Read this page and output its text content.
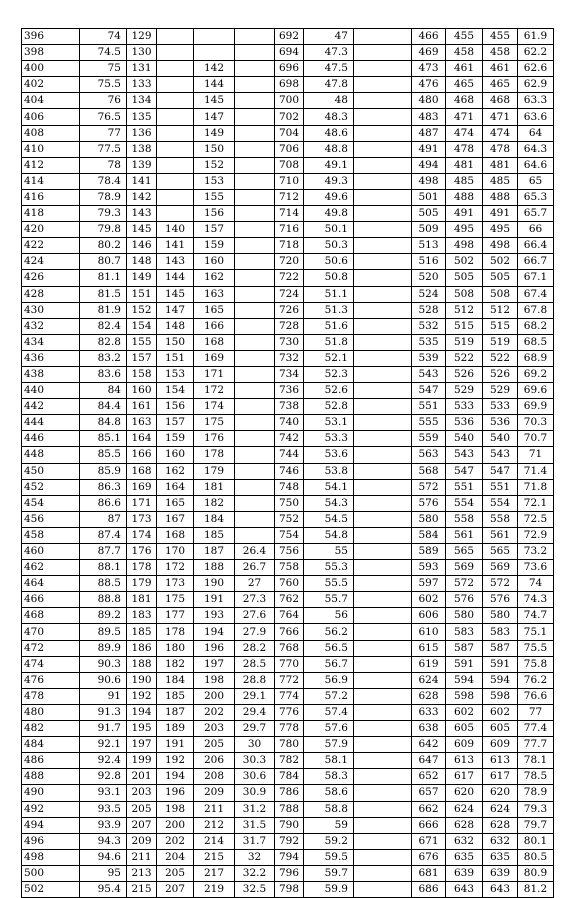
396	74	129				692	47		466	455	455	61.9
398	74.5	130				694	47.3		469	458	458	62.2
400	75	131		142		696	47.5		473	461	461	62.6
402	75.5	133		144		698	47.8		476	465	465	62.9
404	76	134		145		700	48		480	468	468	63.3
406	76.5	135		147		702	48.3		483	471	471	63.6
408	77	136		149		704	48.6		487	474	474	64
410	77.5	138		150		706	48.8		491	478	478	64.3
412	78	139		152		708	49.1		494	481	481	64.6
414	78.4	141		153		710	49.3		498	485	485	65
416	78.9	142		155		712	49.6		501	488	488	65.3
418	79.3	143		156		714	49.8		505	491	491	65.7
420	79.8	145	140	157		716	50.1		509	495	495	66
422	80.2	146	141	159		718	50.3		513	498	498	66.4
424	80.7	148	143	160		720	50.6		516	502	502	66.7
426	81.1	149	144	162		722	50.8		520	505	505	67.1
428	81.5	151	145	163		724	51.1		524	508	508	67.4
430	81.9	152	147	165		726	51.3		528	512	512	67.8
432	82.4	154	148	166		728	51.6		532	515	515	68.2
434	82.8	155	150	168		730	51.8		535	519	519	68.5
436	83.2	157	151	169		732	52.1		539	522	522	68.9
438	83.6	158	153	171		734	52.3		543	526	526	69.2
440	84	160	154	172		736	52.6		547	529	529	69.6
442	84.4	161	156	174		738	52.8		551	533	533	69.9
444	84.8	163	157	175		740	53.1		555	536	536	70.3
446	85.1	164	159	176		742	53.3		559	540	540	70.7
448	85.5	166	160	178		744	53.6		563	543	543	71
450	85.9	168	162	179		746	53.8		568	547	547	71.4
452	86.3	169	164	181		748	54.1		572	551	551	71.8
454	86.6	171	165	182		750	54.3		576	554	554	72.1
456	87	173	167	184		752	54.5		580	558	558	72.5
458	87.4	174	168	185		754	54.8		584	561	561	72.9
460	87.7	176	170	187	26.4	756	55		589	565	565	73.2
462	88.1	178	172	188	26.7	758	55.3		593	569	569	73.6
464	88.5	179	173	190	27	760	55.5		597	572	572	74
466	88.8	181	175	191	27.3	762	55.7		602	576	576	74.3
468	89.2	183	177	193	27.6	764	56		606	580	580	74.7
470	89.5	185	178	194	27.9	766	56.2		610	583	583	75.1
472	89.9	186	180	196	28.2	768	56.5		615	587	587	75.5
474	90.3	188	182	197	28.5	770	56.7		619	591	591	75.8
476	90.6	190	184	198	28.8	772	56.9		624	594	594	76.2
478	91	192	185	200	29.1	774	57.2		628	598	598	76.6
480	91.3	194	187	202	29.4	776	57.4		633	602	602	77
482	91.7	195	189	203	29.7	778	57.6		638	605	605	77.4
484	92.1	197	191	205	30	780	57.9		642	609	609	77.7
486	92.4	199	192	206	30.3	782	58.1		647	613	613	78.1
488	92.8	201	194	208	30.6	784	58.3		652	617	617	78.5
490	93.1	203	196	209	30.9	786	58.6		657	620	620	78.9
492	93.5	205	198	211	31.2	788	58.8		662	624	624	79.3
494	93.9	207	200	212	31.5	790	59		666	628	628	79.7
496	94.3	209	202	214	31.7	792	59.2		671	632	632	80.1
498	94.6	211	204	215	32	794	59.5		676	635	635	80.5
500	95	213	205	217	32.2	796	59.7		681	639	639	80.9
502	95.4	215	207	219	32.5	798	59.9		686	643	643	81.2
